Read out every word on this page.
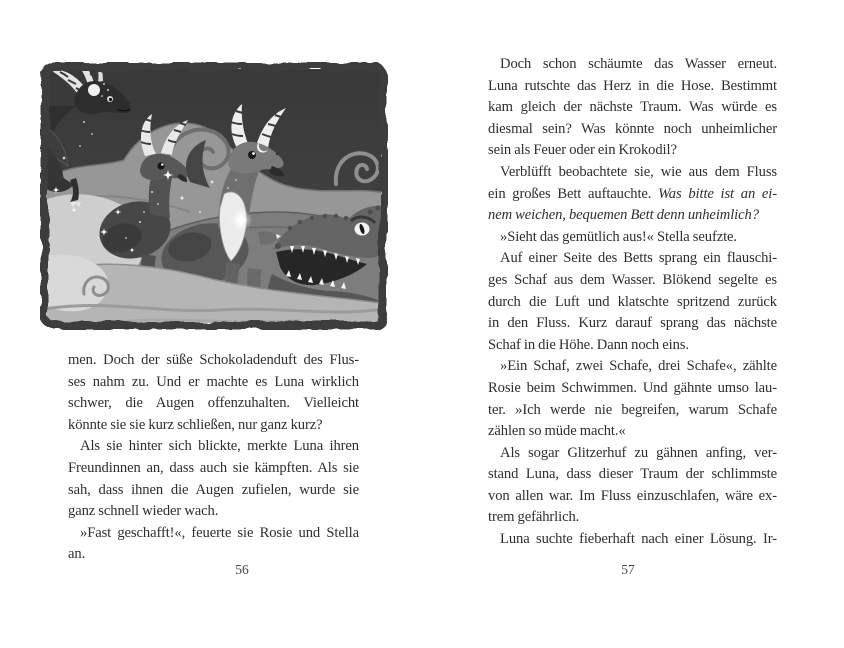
men. Doch der süße Schokoladenduft des Flus-
ses nahm zu. Und er machte es Luna wirklich
schwer, die Augen offenzuhalten. Vielleicht
könnte sie sie kurz schließen, nur ganz kurz?

Als sie hinter sich blickte, merkte Luna ihren
Freundinnen an, dass auch sie kämpften. Als sie
sah, dass ihnen die Augen zufielen, wurde sie
ganz schnell wieder wach.

»Fast geschafft!«, feuerte sie Rosie und Stella
an.

56

Doch schon schäumte das Wasser erneut.
Luna rutschte das Herz in die Hose. Bestimmt
kam gleich der nächste Traum. Was würde es
diesmal sein? Was könnte noch unheimlicher
sein als Feuer oder ein Krokodil?

Verblüfft beobachtete sie, wie aus dem Fluss
ein großes Bett auftauchte. Was bitte ist an ei-
nem weichen, bequemen Bett denn unheimlich?

»Sieht das gemütlich aus!« Stella seufzte.

Auf einer Seite des Betts sprang ein flauschi-
ges Schaf aus dem Wasser. Blökend segelte es
durch die Luft und klatschte spritzend zurück
in den Fluss. Kurz darauf sprang das nächste
Schaf in die Höhe. Dann noch eins.

»Ein Schaf, zwei Schafe, drei Schafe«, zählte
Rosie beim Schwimmen. Und gähnte umso lau-
ter. »Ich werde nie begreifen, warum Schafe
zählen so müde macht.«

Als sogar Glitzerhuf zu gähnen anfing, ver-
stand Luna, dass dieser Traum der schlimmste
von allen war. Im Fluss einzuschlafen, wäre ex-
trem gefährlich.

Luna suchte fieberhaft nach einer Lösung. Ir-

57
